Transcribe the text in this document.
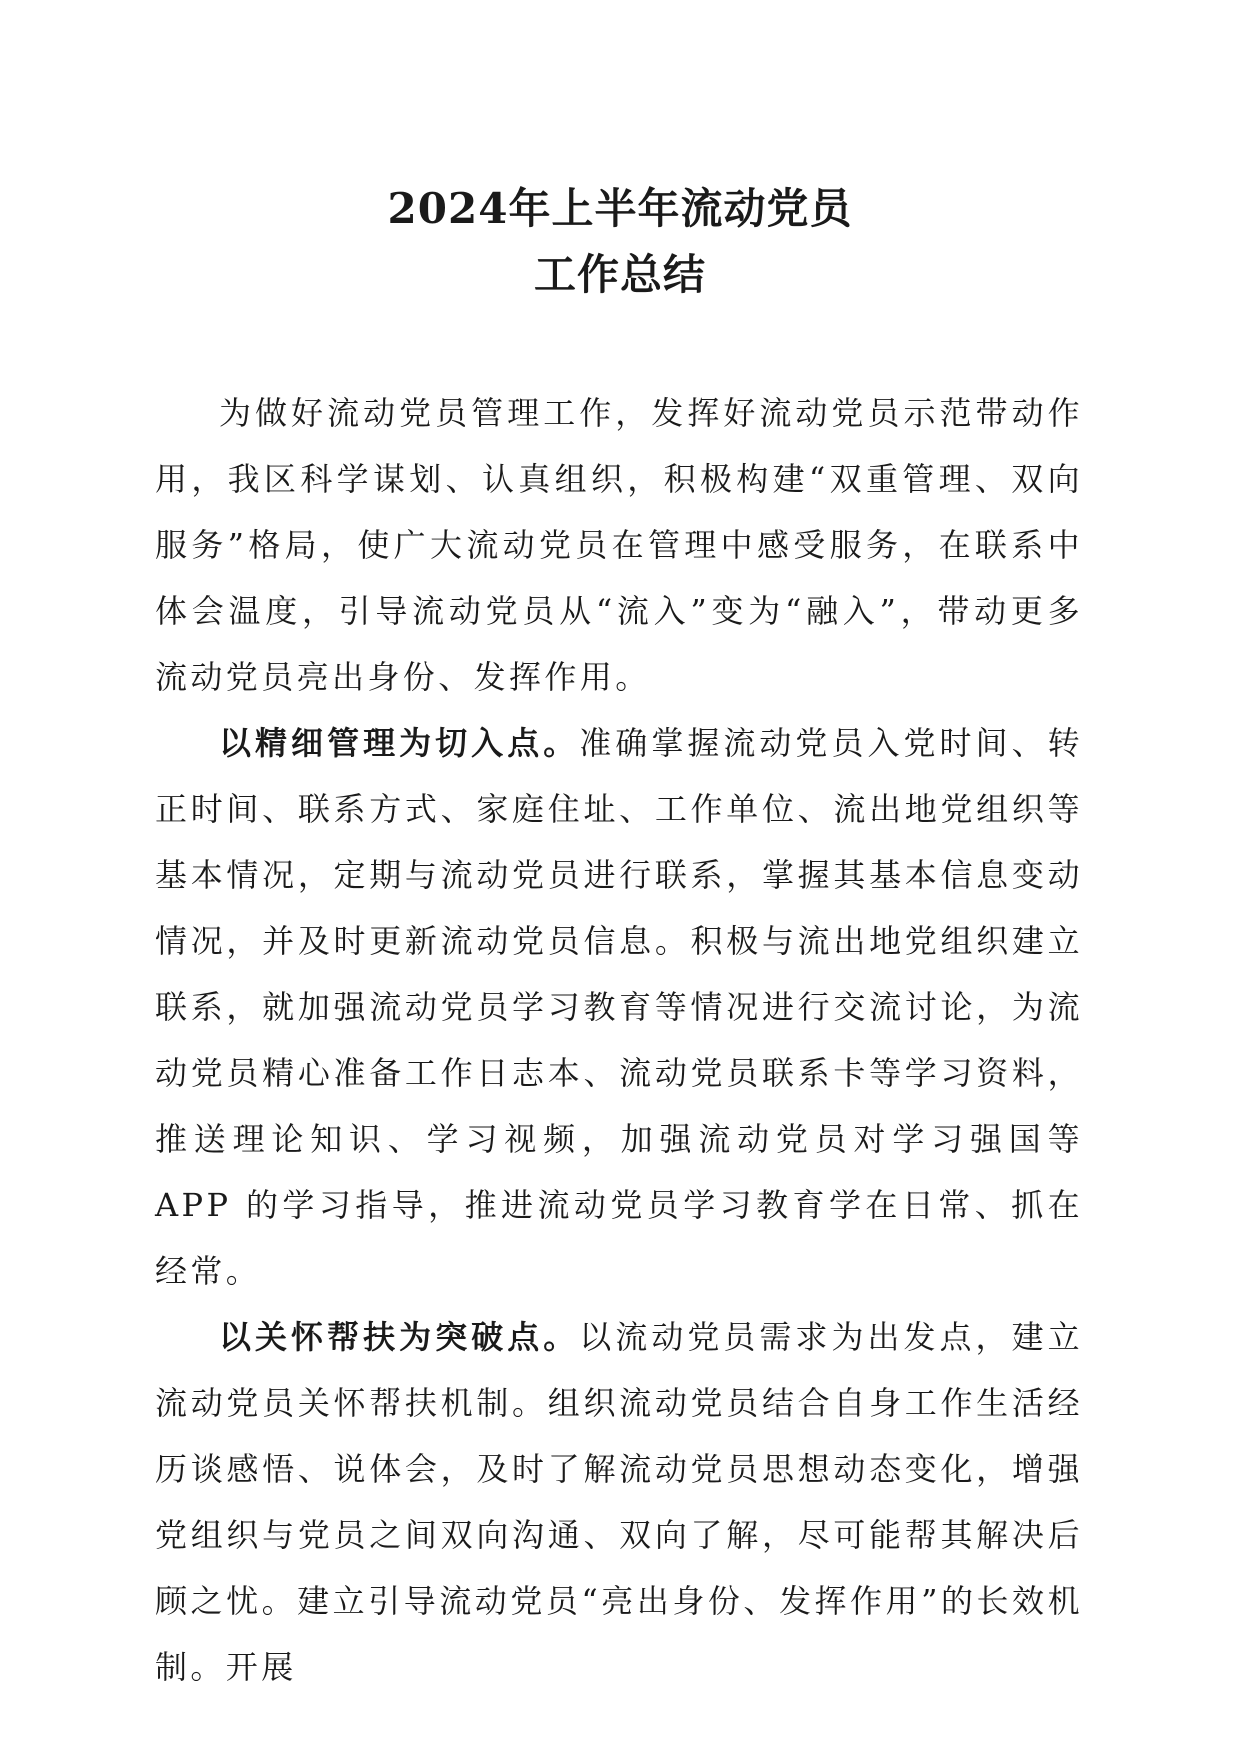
2024年上半年流动党员
工作总结

为做好流动党员管理工作，发挥好流动党员示范带动作用，我区科学谋划、认真组织，积极构建“双重管理、双向服务”格局，使广大流动党员在管理中感受服务，在联系中体会温度，引导流动党员从“流入”变为“融入”，带动更多流动党员亮出身份、发挥作用。

以精细管理为切入点。准确掌握流动党员入党时间、转正时间、联系方式、家庭住址、工作单位、流出地党组织等基本情况，定期与流动党员进行联系，掌握其基本信息变动情况，并及时更新流动党员信息。积极与流出地党组织建立联系，就加强流动党员学习教育等情况进行交流讨论，为流动党员精心准备工作日志本、流动党员联系卡等学习资料，推送理论知识、学习视频，加强流动党员对学习强国等 APP 的学习指导，推进流动党员学习教育学在日常、抓在经常。

以关怀帮扶为突破点。以流动党员需求为出发点，建立流动党员关怀帮扶机制。组织流动党员结合自身工作生活经历谈感悟、说体会，及时了解流动党员思想动态变化，增强党组织与党员之间双向沟通、双向了解，尽可能帮其解决后顾之忧。建立引导流动党员“亮出身份、发挥作用”的长效机制。开展
